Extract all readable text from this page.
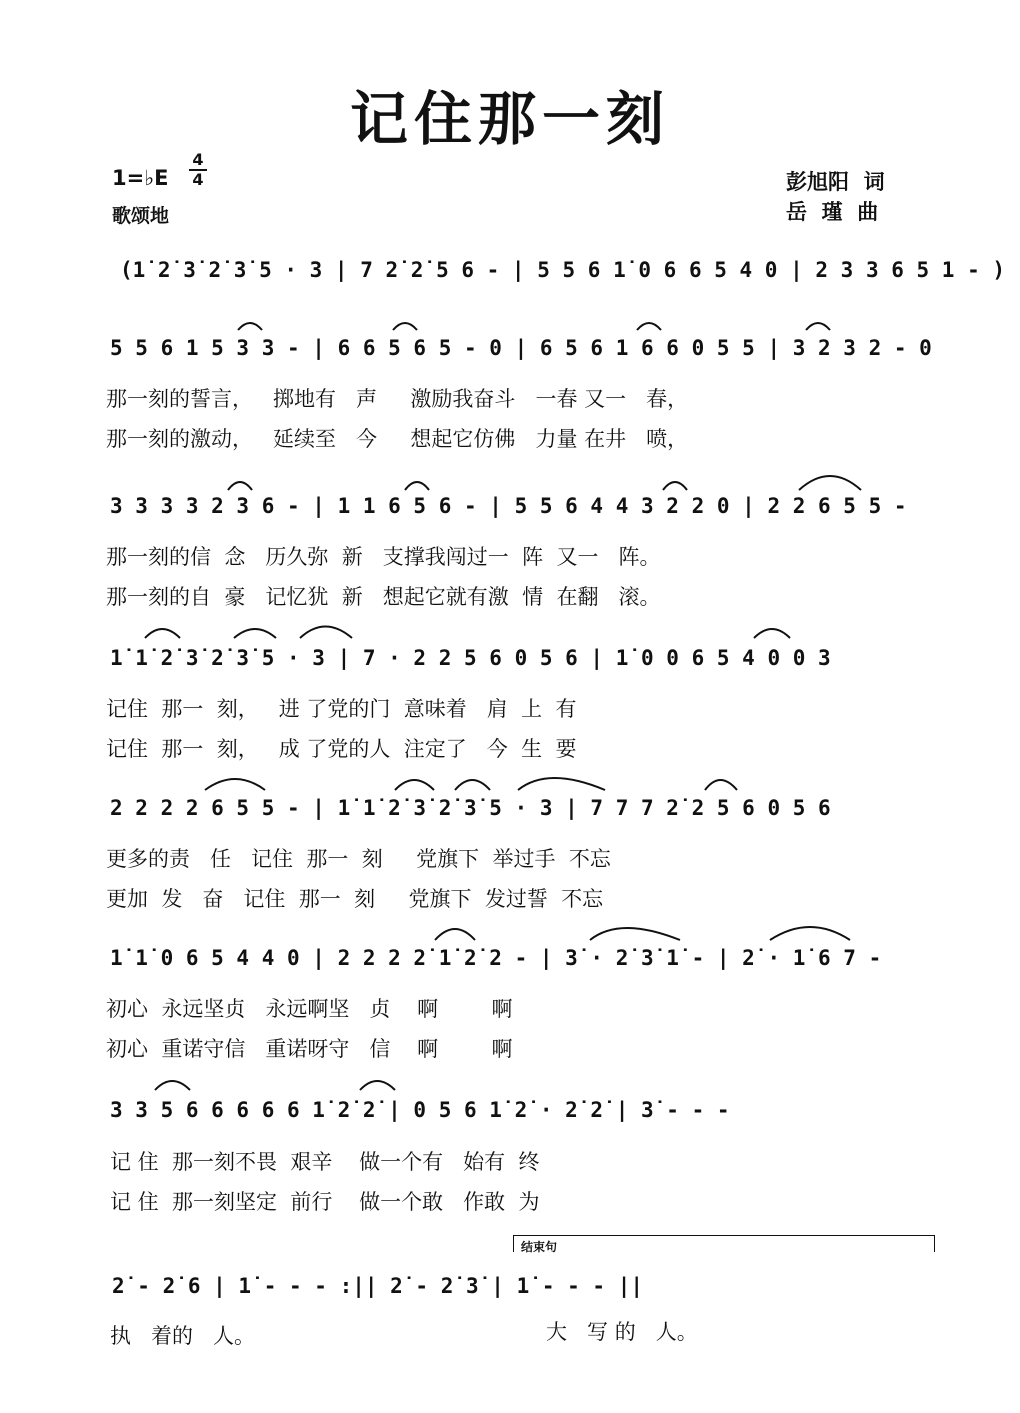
记住那一刻
1=♭E
4
4
歌颂地
彭旭阳  词
岳  瑾  曲
(1̇ 2̇ 3̇ 2̇ 3̇ 5 · 3 | 7 2̇ 2̇ 5 6 - | 5 5 6 1̇ 0 6 6 5 4 0 | 2 3 3 6 5 1 - )
5 5 6 1 5 3 3 - | 6 6 5 6 5 - 0 | 6 5 6 1 6 6 0 5 5 | 3 2 3 2 - 0
那一刻的誓言，   掷地有   声     激励我奋斗   一春 又一   春，
那一刻的激动，   延续至   今     想起它仿佛   力量 在井   喷，
3 3 3 3 2 3 6 - | 1 1 6 5 6 - | 5 5 6 4 4 3 2 2 0 | 2 2 6 5 5 -
那一刻的信  念   历久弥  新   支撑我闯过一  阵  又一   阵。
那一刻的自  豪   记忆犹  新   想起它就有激  情  在翻   滚。
1̇ 1̇ 2̇ 3̇ 2̇ 3̇ 5 · 3 | 7 · 2 2 5 6 0 5 6 | 1̇ 0 0 6 5 4 0 0 3
记住  那一  刻，   进 了党的门  意味着   肩  上  有
记住  那一  刻，   成 了党的人  注定了   今  生  要
2 2 2 2 6 5 5 - | 1̇ 1̇ 2̇ 3̇ 2̇ 3̇ 5 · 3 | 7 7 7 2̇ 2 5 6 0 5 6
更多的责   任   记住  那一  刻     党旗下  举过手  不忘
更加  发   奋   记住  那一  刻     党旗下  发过誓  不忘
1̇ 1̇ 0 6 5 4 4 0 | 2 2 2 2̇ 1̇ 2̇ 2 - | 3̇ · 2̇ 3̇ 1̇ - | 2̇ · 1̇ 6 7 -
初心  永远坚贞   永远啊坚   贞    啊        啊
初心  重诺守信   重诺呀守   信    啊        啊
3 3 5 6 6 6 6 6 1̇ 2̇ 2̇ | 0 5 6 1̇ 2̇ · 2̇ 2̇ | 3̇ - - -
记 住  那一刻不畏  艰辛    做一个有   始有  终
记 住  那一刻坚定  前行    做一个敢   作敢  为
结束句
2̇ - 2̇ 6 | 1̇ - - - :|| 2̇ - 2̇ 3̇ | 1̇ - - - ||
执   着的   人。	大   写 的   人。
